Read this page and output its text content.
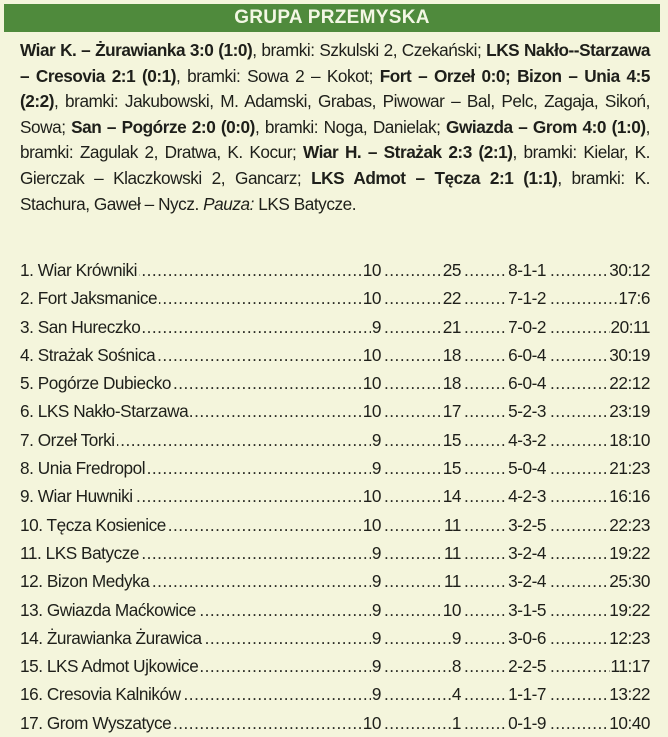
GRUPA PRZEMYSKA
Wiar K. – Żurawianka 3:0 (1:0), bramki: Szkulski 2, Czekański; LKS Nakło--Starzawa – Cresovia 2:1 (0:1), bramki: Sowa 2 – Kokot; Fort – Orzeł 0:0; Bizon – Unia 4:5 (2:2), bramki: Jakubowski, M. Adamski, Grabas, Piwowar – Bal, Pelc, Zagaja, Sikoń, Sowa; San – Pogórze 2:0 (0:0), bramki: Noga, Danielak; Gwiazda – Grom 4:0 (1:0), bramki: Zagulak 2, Dratwa, K. Kocur; Wiar H. – Strażak 2:3 (2:1), bramki: Kielar, K. Gierczak – Klaczkowski 2, Gancarz; LKS Admot – Tęcza 2:1 (1:1), bramki: K. Stachura, Gaweł – Nycz. Pauza: LKS Batycze.
.....
.....
.....
.....
1. Wiar Krówniki	10	25	8-1-1	30:12
.....
.....
.....
.....
2. Fort Jaksmanice	10	22	7-1-2	17:6
.....
.....
.....
.....
3. San Hureczko	9	21	7-0-2	20:11
.....
.....
.....
.....
4. Strażak Sośnica	10	18	6-0-4	30:19
.....
.....
.....
.....
5. Pogórze Dubiecko	10	18	6-0-4	22:12
.....
.....
.....
.....
6. LKS Nakło-Starzawa	10	17	5-2-3	23:19
.....
.....
.....
.....
7. Orzeł Torki	9	15	4-3-2	18:10
.....
.....
.....
.....
8. Unia Fredropol	9	15	5-0-4	21:23
.....
.....
.....
.....
9. Wiar Huwniki	10	14	4-2-3	16:16
.....
.....
.....
.....
10. Tęcza Kosienice	10	11	3-2-5	22:23
.....
.....
.....
.....
11. LKS Batycze	9	11	3-2-4	19:22
.....
.....
.....
.....
12. Bizon Medyka	9	11	3-2-4	25:30
.....
.....
.....
.....
13. Gwiazda Maćkowice	9	10	3-1-5	19:22
.....
.....
.....
.....
14. Żurawianka Żurawica	9	9	3-0-6	12:23
.....
.....
.....
.....
15. LKS Admot Ujkowice	9	8	2-2-5	11:17
.....
.....
.....
.....
16. Cresovia Kalników	9	4	1-1-7	13:22
.....
.....
.....
.....
17. Grom Wyszatyce	10	1	0-1-9	10:40
